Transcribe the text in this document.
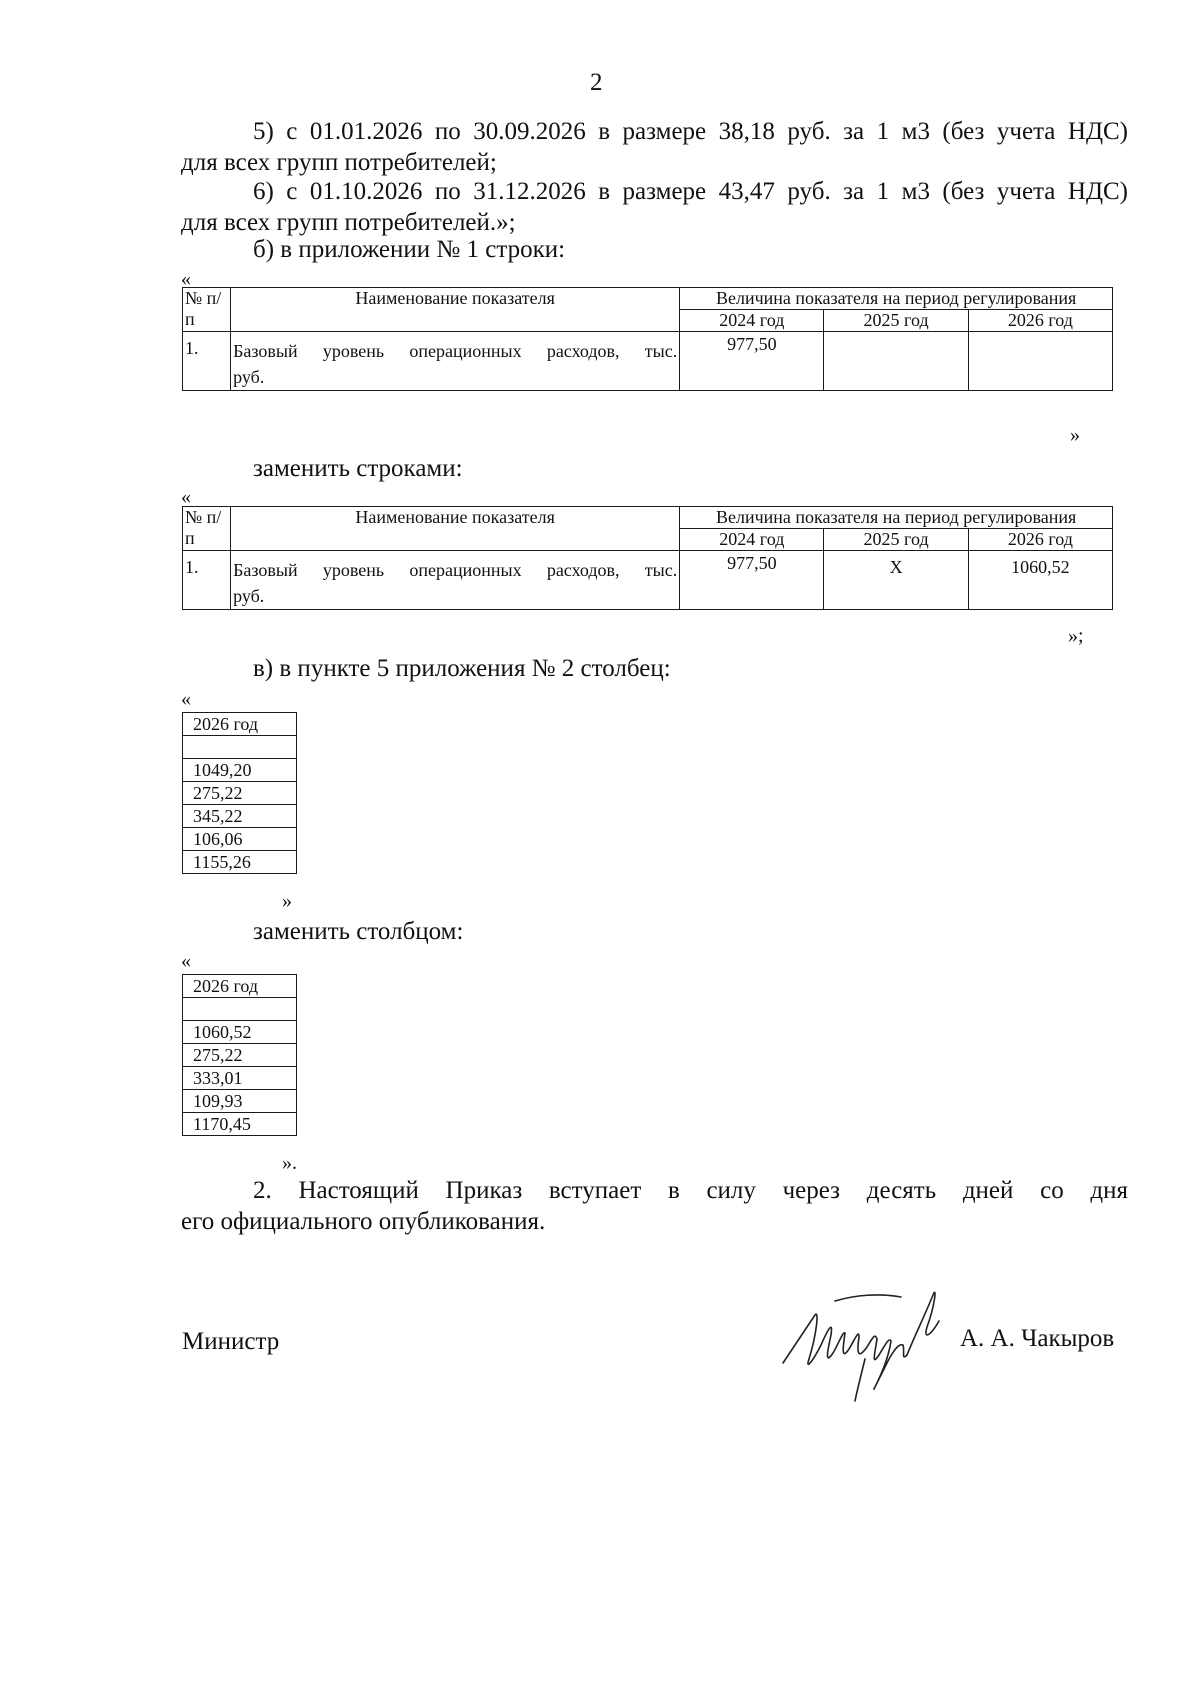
2
5) с 01.01.2026 по 30.09.2026 в размере 38,18 руб. за 1 м3 (без учета НДС)
для всех групп потребителей;
6) с 01.10.2026 по 31.12.2026 в размере 43,47 руб. за 1 м3 (без учета НДС)
для всех групп потребителей.»;
б) в приложении № 1 строки:
«
№ п/п	Наименование показателя	Величина показателя на период регулирования		
		2024 год	2025 год	2026 год
1.	Базовый уровень операционных расходов, тыс.
руб.	977,50		
»
заменить строками:
«
№ п/п	Наименование показателя	Величина показателя на период регулирования		
		2024 год	2025 год	2026 год
1.	Базовый уровень операционных расходов, тыс.
руб.	977,50	X	1060,52
»;
в) в пункте 5 приложения № 2 столбец:
«
2026 год

1049,20
275,22
345,22
106,06
1155,26
»
заменить столбцом:
«
2026 год

1060,52
275,22
333,01
109,93
1170,45
».
2. Настоящий Приказ вступает в силу через десять дней со дня
его официального опубликования.
Министр	А. А. Чакыров
